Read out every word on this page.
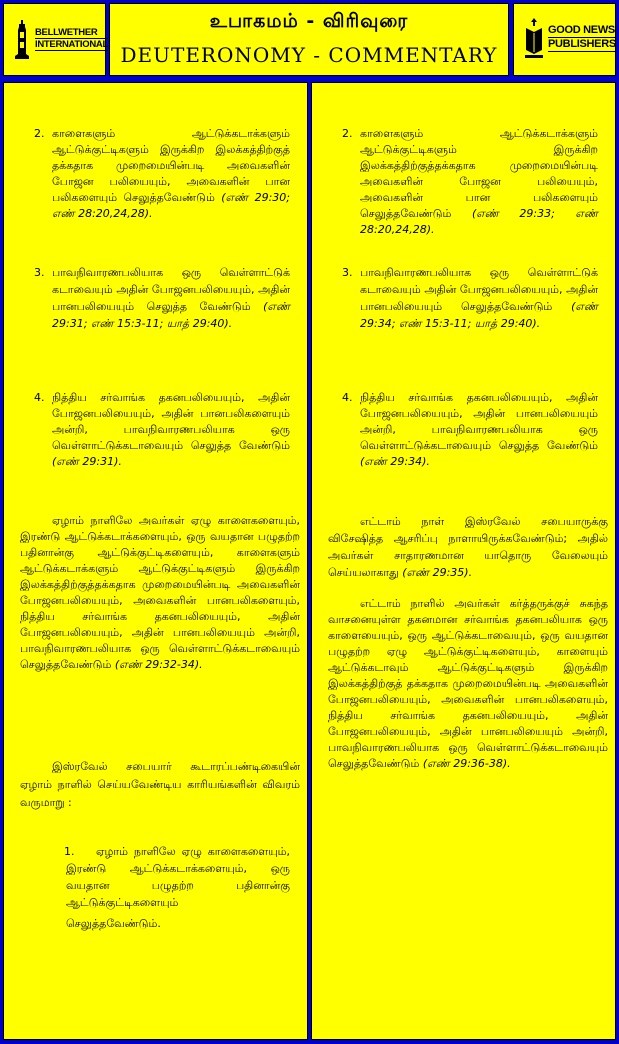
BELLWETHER
INTERNATIONAL
உபாகமம் - விரிவுரை
DEUTERONOMY - COMMENTARY
GOOD NEWS
PUBLISHERS
2. காளைகளும் ஆட்டுக்கடாக்களும் ஆட்டுக்குட்டிகளும் இருக்கிற இலக்கத்திற்குத் தக்கதாக முறைமையின்படி அவைகளின் போஜன பலியையும், அவைகளின் பான பலிகளையும் செலுத்தவேண்டும் (எண் 29:30; எண் 28:20,24,28).

3. பாவநிவாரணபலியாக ஒரு வெள்ளாட்டுக் கடாவையும் அதின் போஜனபலியையும், அதின் பானபலியையும் செலுத்த வேண்டும் (எண் 29:31; எண் 15:3-11; யாத் 29:40).

4. நித்திய சர்வாங்க தகனபலியையும், அதின் போஜனபலியையும், அதின் பானபலிகளையும் அன்றி, பாவநிவாரணபலியாக ஒரு வெள்ளாட்டுக்கடாவையும் செலுத்த வேண்டும் (எண் 29:31).

ஏழாம் நாளிலே அவர்கள் ஏழு காளைகளையும், இரண்டு ஆட்டுக்கடாக்களையும், ஒரு வயதான பழுதற்ற பதினான்கு ஆட்டுக்குட்டிகளையும், காளைகளும் ஆட்டுக்கடாக்களும் ஆட்டுக்குட்டிகளும் இருக்கிற இலக்கத்திற்குத்தக்கதாக முறைமையின்படி அவைகளின் போஜனபலியையும், அவைகளின் பானபலிகளையும், நித்திய சர்வாங்க தகனபலியையும், அதின் போஜனபலியையும், அதின் பானபலியையும் அன்றி, பாவநிவாரணபலியாக ஒரு வெள்ளாட்டுக்கடாவையும் செலுத்தவேண்டும் (எண் 29:32-34).

இஸ்ரவேல் சபையார் கூடாரப்பண்டிகையின் ஏழாம் நாளில் செய்யவேண்டிய காரியங்களின் விவரம் வருமாறு :

1.	ஏழாம் நாளிலே ஏழு காளைகளையும், இரண்டு ஆட்டுக்கடாக்களையும், ஒரு வயதான பழுதற்ற பதினான்கு ஆட்டுக்குட்டிகளையும்

செலுத்தவேண்டும்.

2. காளைகளும் ஆட்டுக்கடாக்களும் ஆட்டுக்குட்டிகளும் இருக்கிற இலக்கத்திற்குத்தக்கதாக முறைமையின்படி அவைகளின் போஜன பலியையும், அவைகளின் பான பலிகளையும் செலுத்தவேண்டும் (எண் 29:33; எண் 28:20,24,28).

3. பாவநிவாரணபலியாக ஒரு வெள்ளாட்டுக் கடாவையும் அதின் போஜனபலியையும், அதின் பானபலியையும் செலுத்தவேண்டும் (எண் 29:34; எண் 15:3-11; யாத் 29:40).

4. நித்திய சர்வாங்க தகனபலியையும், அதின் போஜனபலியையும், அதின் பானபலியையும் அன்றி, பாவநிவாரணபலியாக ஒரு வெள்ளாட்டுக்கடாவையும் செலுத்த வேண்டும் (எண் 29:34).

எட்டாம் நாள் இஸ்ரவேல் சபையாருக்கு விசேஷித்த ஆசரிப்பு நாளாயிருக்கவேண்டும்; அதில் அவர்கள் சாதாரணமான யாதொரு வேலையும் செய்யலாகாது (எண் 29:35).

எட்டாம் நாளில் அவர்கள் கர்த்தருக்குச் சுகந்த வாசனையுள்ள தகனமான சர்வாங்க தகனபலியாக ஒரு காளையையும், ஒரு ஆட்டுக்கடாவையும், ஒரு வயதான பழுதற்ற ஏழு ஆட்டுக்குட்டிகளையும், காளையும் ஆட்டுக்கடாவும் ஆட்டுக்குட்டிகளும் இருக்கிற இலக்கத்திற்குத் தக்கதாக முறைமையின்படி அவைகளின் போஜனபலியையும், அவைகளின் பானபலிகளையும், நித்திய சர்வாங்க தகனபலியையும், அதின் போஜனபலியையும், அதின் பானபலியையும் அன்றி, பாவநிவாரணபலியாக ஒரு வெள்ளாட்டுக்கடாவையும் செலுத்தவேண்டும் (எண் 29:36-38).
